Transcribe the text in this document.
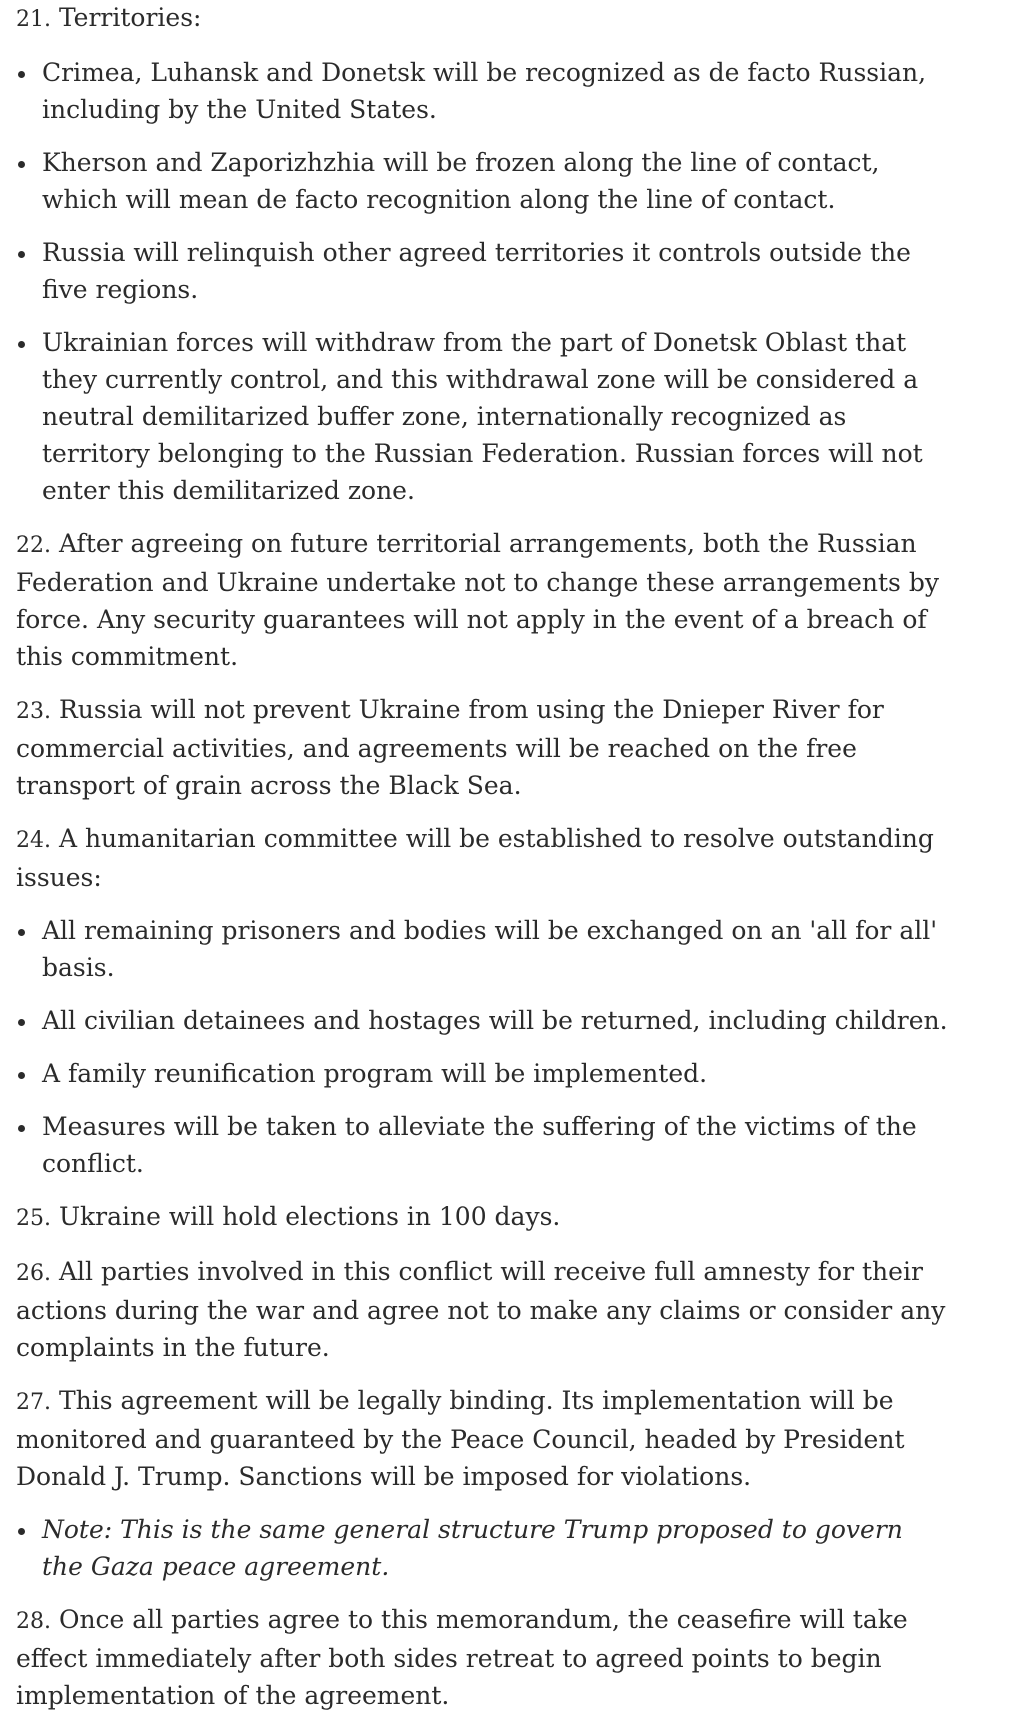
21. Territories:

Crimea, Luhansk and Donetsk will be recognized as de facto Russian, including by the United States.
Kherson and Zaporizhzhia will be frozen along the line of contact, which will mean de facto recognition along the line of contact.
Russia will relinquish other agreed territories it controls outside the five regions.
Ukrainian forces will withdraw from the part of Donetsk Oblast that they currently control, and this withdrawal zone will be considered a neutral demilitarized buffer zone, internationally recognized as territory belonging to the Russian Federation. Russian forces will not enter this demilitarized zone.

22. After agreeing on future territorial arrangements, both the Russian Federation and Ukraine undertake not to change these arrangements by force. Any security guarantees will not apply in the event of a breach of this commitment.

23. Russia will not prevent Ukraine from using the Dnieper River for commercial activities, and agreements will be reached on the free transport of grain across the Black Sea.

24. A humanitarian committee will be established to resolve outstanding issues:

All remaining prisoners and bodies will be exchanged on an 'all for all' basis.
All civilian detainees and hostages will be returned, including children.
A family reunification program will be implemented.
Measures will be taken to alleviate the suffering of the victims of the conflict.

25. Ukraine will hold elections in 100 days.

26. All parties involved in this conflict will receive full amnesty for their actions during the war and agree not to make any claims or consider any complaints in the future.

27. This agreement will be legally binding. Its implementation will be monitored and guaranteed by the Peace Council, headed by President Donald J. Trump. Sanctions will be imposed for violations.

Note: This is the same general structure Trump proposed to govern the Gaza peace agreement.

28. Once all parties agree to this memorandum, the ceasefire will take effect immediately after both sides retreat to agreed points to begin implementation of the agreement.
